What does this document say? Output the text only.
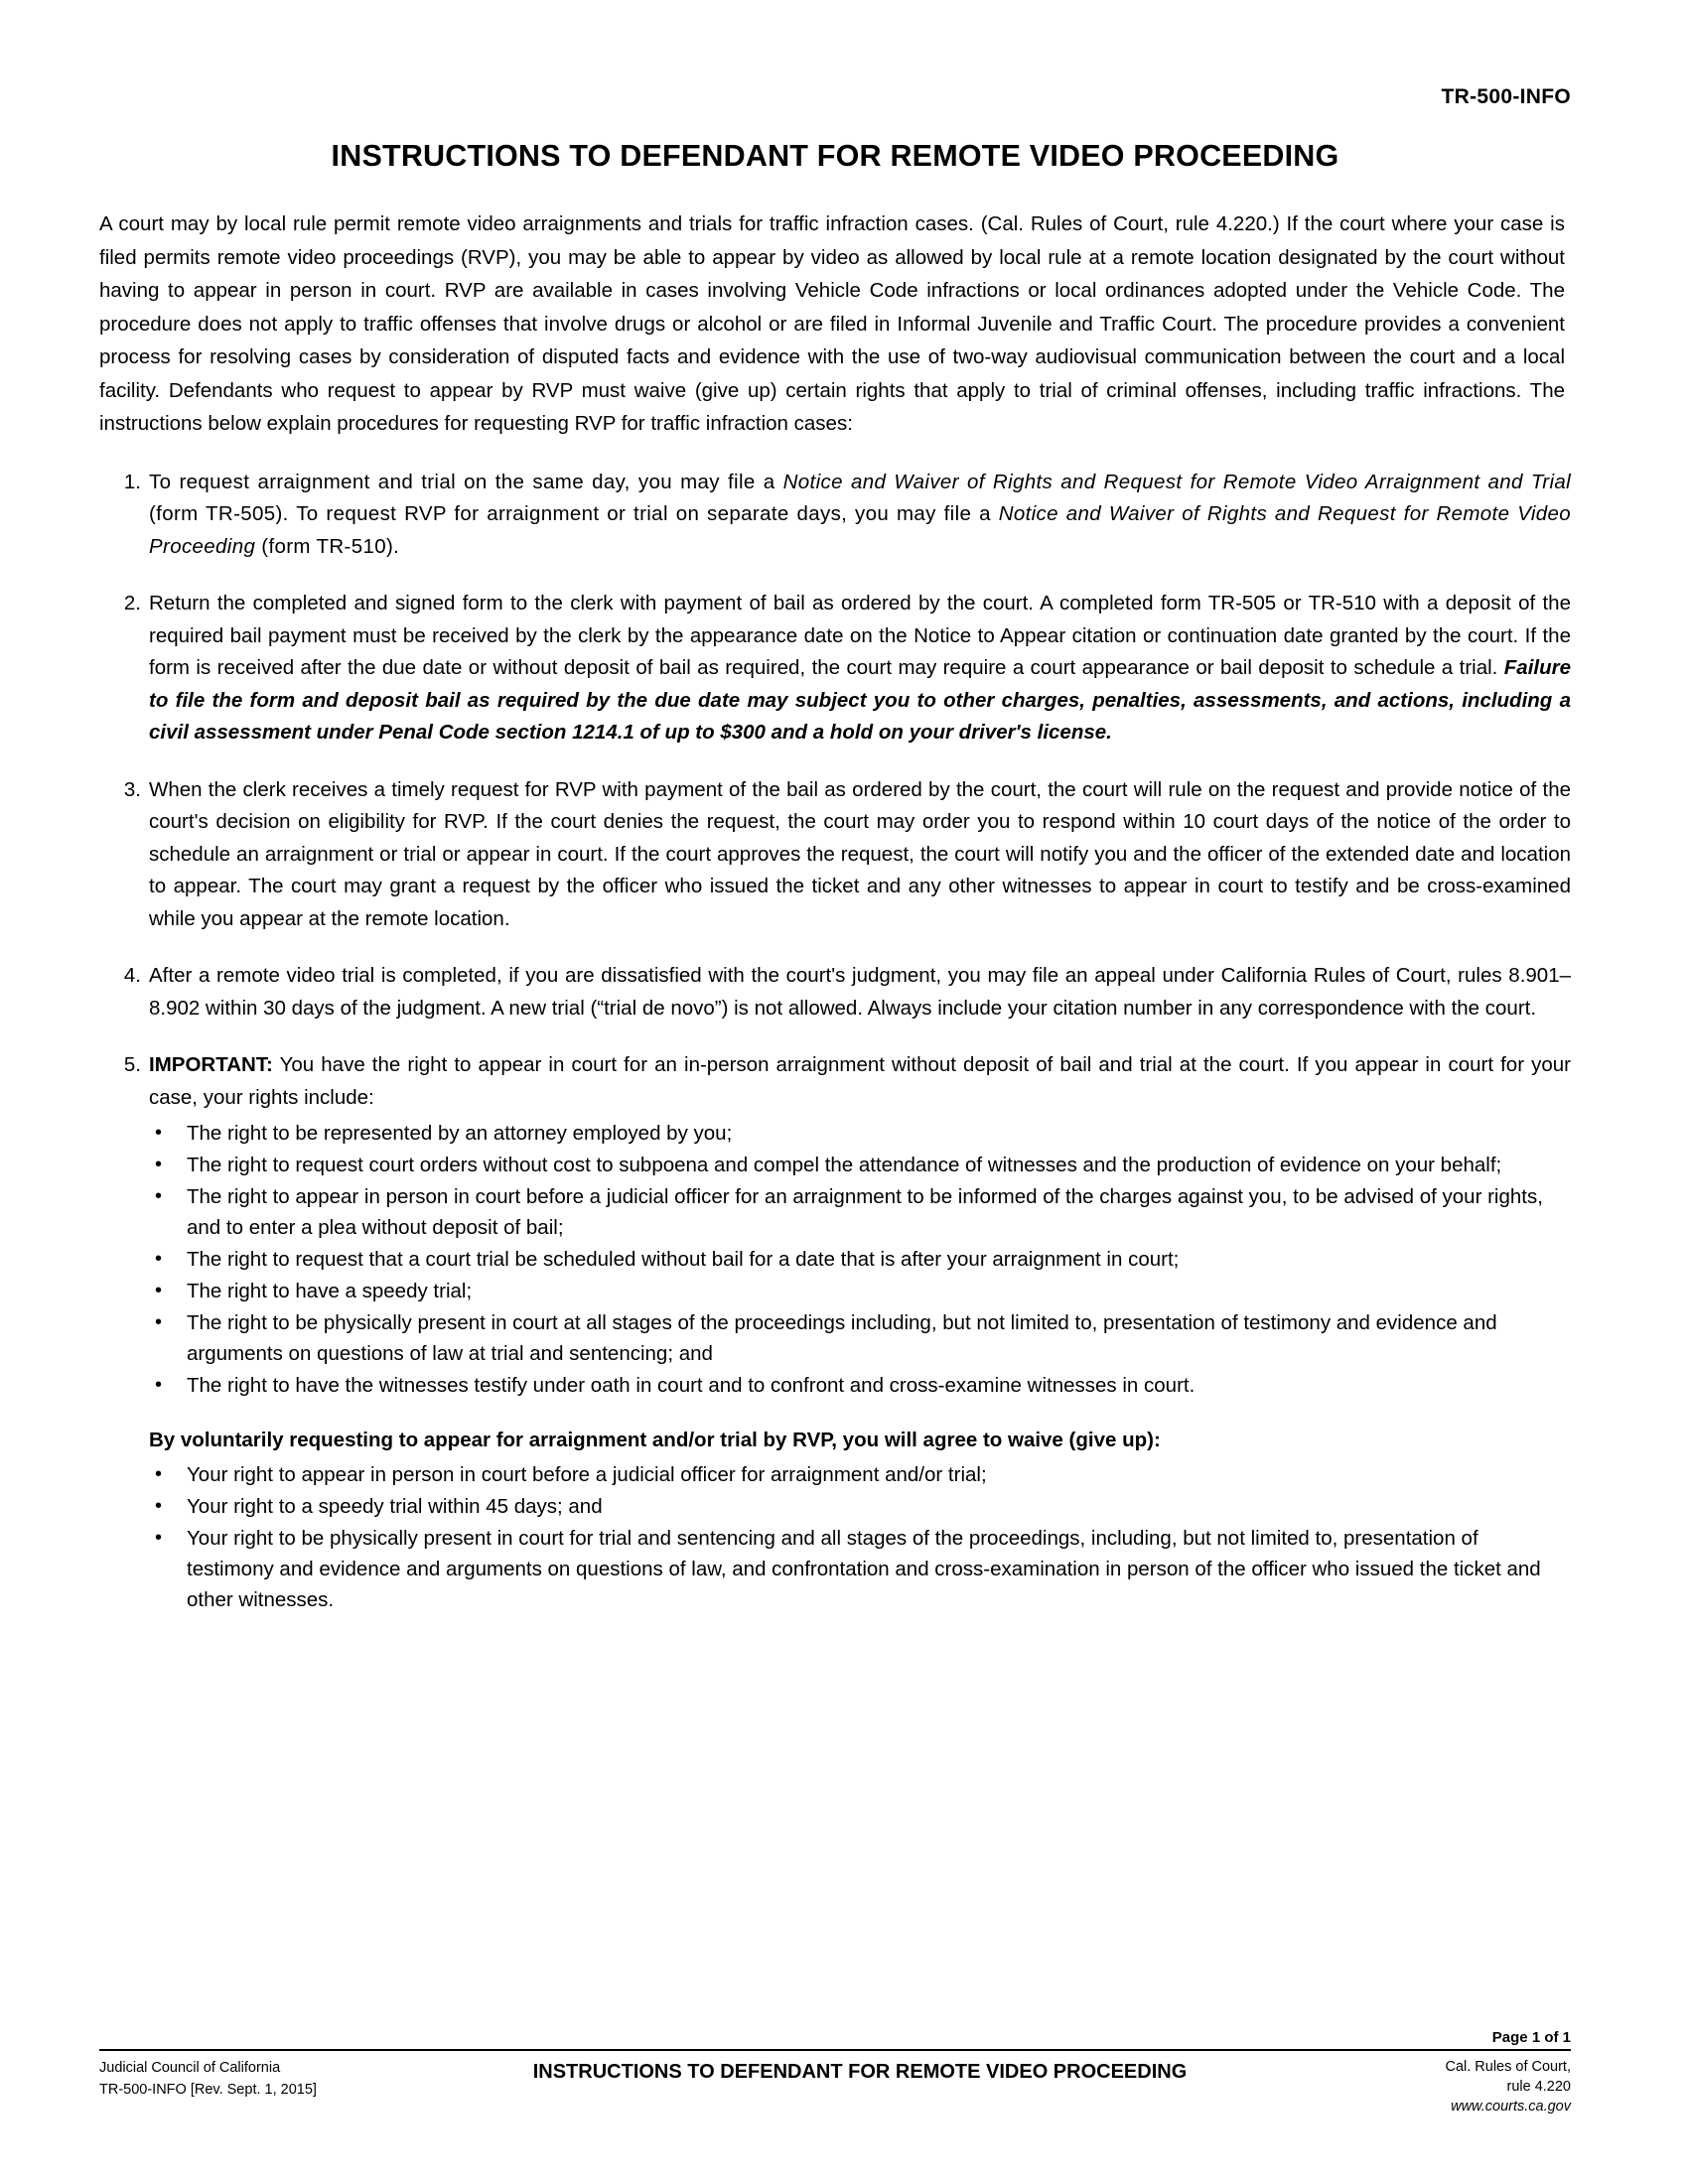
TR-500-INFO
INSTRUCTIONS TO DEFENDANT FOR REMOTE VIDEO PROCEEDING

A court may by local rule permit remote video arraignments and trials for traffic infraction cases. (Cal. Rules of Court, rule 4.220.) If the court where your case is filed permits remote video proceedings (RVP), you may be able to appear by video as allowed by local rule at a remote location designated by the court without having to appear in person in court. RVP are available in cases involving Vehicle Code infractions or local ordinances adopted under the Vehicle Code. The procedure does not apply to traffic offenses that involve drugs or alcohol or are filed in Informal Juvenile and Traffic Court. The procedure provides a convenient process for resolving cases by consideration of disputed facts and evidence with the use of two-way audiovisual communication between the court and a local facility. Defendants who request to appear by RVP must waive (give up) certain rights that apply to trial of criminal offenses, including traffic infractions. The instructions below explain procedures for requesting RVP for traffic infraction cases:

1. To request arraignment and trial on the same day, you may file a Notice and Waiver of Rights and Request for Remote Video Arraignment and Trial (form TR-505). To request RVP for arraignment or trial on separate days, you may file a Notice and Waiver of Rights and Request for Remote Video Proceeding (form TR-510).
2. Return the completed and signed form to the clerk with payment of bail as ordered by the court. A completed form TR-505 or TR-510 with a deposit of the required bail payment must be received by the clerk by the appearance date on the Notice to Appear citation or continuation date granted by the court. If the form is received after the due date or without deposit of bail as required, the court may require a court appearance or bail deposit to schedule a trial. Failure to file the form and deposit bail as required by the due date may subject you to other charges, penalties, assessments, and actions, including a civil assessment under Penal Code section 1214.1 of up to $300 and a hold on your driver's license.
3. When the clerk receives a timely request for RVP with payment of the bail as ordered by the court, the court will rule on the request and provide notice of the court's decision on eligibility for RVP. If the court denies the request, the court may order you to respond within 10 court days of the notice of the order to schedule an arraignment or trial or appear in court. If the court approves the request, the court will notify you and the officer of the extended date and location to appear. The court may grant a request by the officer who issued the ticket and any other witnesses to appear in court to testify and be cross-examined while you appear at the remote location.
4. After a remote video trial is completed, if you are dissatisfied with the court's judgment, you may file an appeal under California Rules of Court, rules 8.901–8.902 within 30 days of the judgment. A new trial (“trial de novo”) is not allowed. Always include your citation number in any correspondence with the court.
5. IMPORTANT: You have the right to appear in court for an in-person arraignment without deposit of bail and trial at the court. If you appear in court for your case, your rights include:
• The right to be represented by an attorney employed by you;
• The right to request court orders without cost to subpoena and compel the attendance of witnesses and the production of evidence on your behalf;
• The right to appear in person in court before a judicial officer for an arraignment to be informed of the charges against you, to be advised of your rights, and to enter a plea without deposit of bail;
• The right to request that a court trial be scheduled without bail for a date that is after your arraignment in court;
• The right to have a speedy trial;
• The right to be physically present in court at all stages of the proceedings including, but not limited to, presentation of testimony and evidence and arguments on questions of law at trial and sentencing; and
• The right to have the witnesses testify under oath in court and to confront and cross-examine witnesses in court.
By voluntarily requesting to appear for arraignment and/or trial by RVP, you will agree to waive (give up):
• Your right to appear in person in court before a judicial officer for arraignment and/or trial;
• Your right to a speedy trial within 45 days; and
• Your right to be physically present in court for trial and sentencing and all stages of the proceedings, including, but not limited to, presentation of testimony and evidence and arguments on questions of law, and confrontation and cross-examination in person of the officer who issued the ticket and other witnesses.
Page 1 of 1
Judicial Council of California
TR-500-INFO [Rev. Sept. 1, 2015]
INSTRUCTIONS TO DEFENDANT FOR REMOTE VIDEO PROCEEDING	Cal. Rules of Court,
rule 4.220
www.courts.ca.gov
